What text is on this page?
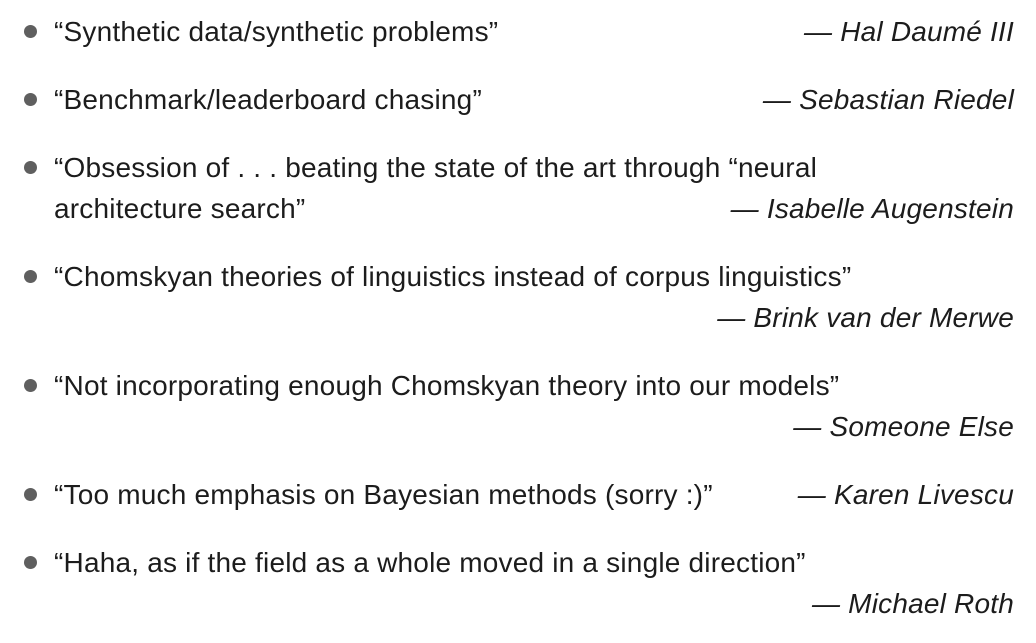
“Synthetic data/synthetic problems”	— Hal Daumé III
“Benchmark/leaderboard chasing”	— Sebastian Riedel
“Obsession of . . . beating the state of the art through “neural
architecture search”	— Isabelle Augenstein
“Chomskyan theories of linguistics instead of corpus linguistics”
— Brink van der Merwe
“Not incorporating enough Chomskyan theory into our models”
— Someone Else
“Too much emphasis on Bayesian methods (sorry :)”	— Karen Livescu
“Haha, as if the field as a whole moved in a single direction”
— Michael Roth
